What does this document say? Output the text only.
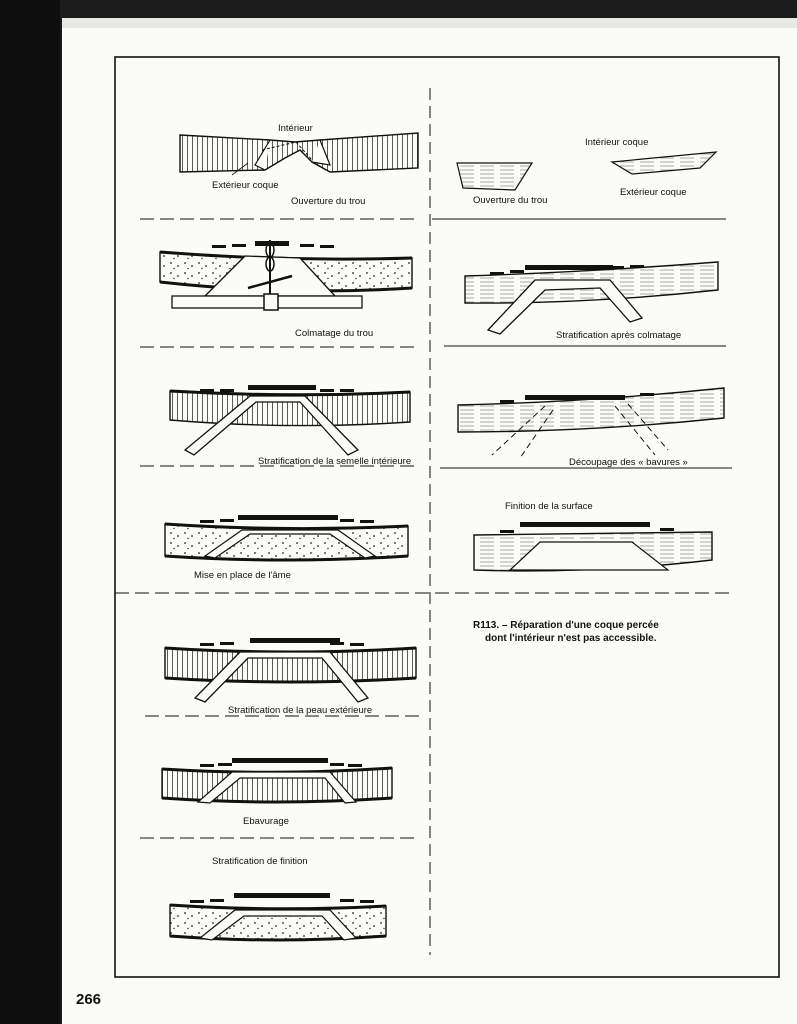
Intérieur
Extérieur coque
Ouverture du trou
Colmatage du trou
Stratification de la semelle intérieure
Mise en place de l'âme
Stratification de la peau extérieure
Ebavurage
Stratification de finition
Intérieur coque
Ouverture du trou
Extérieur coque
Stratification après colmatage
Découpage des « bavures »
Finition de la surface
R113. – Réparation d'une coque percée
dont l'intérieur n'est pas accessible.
266
